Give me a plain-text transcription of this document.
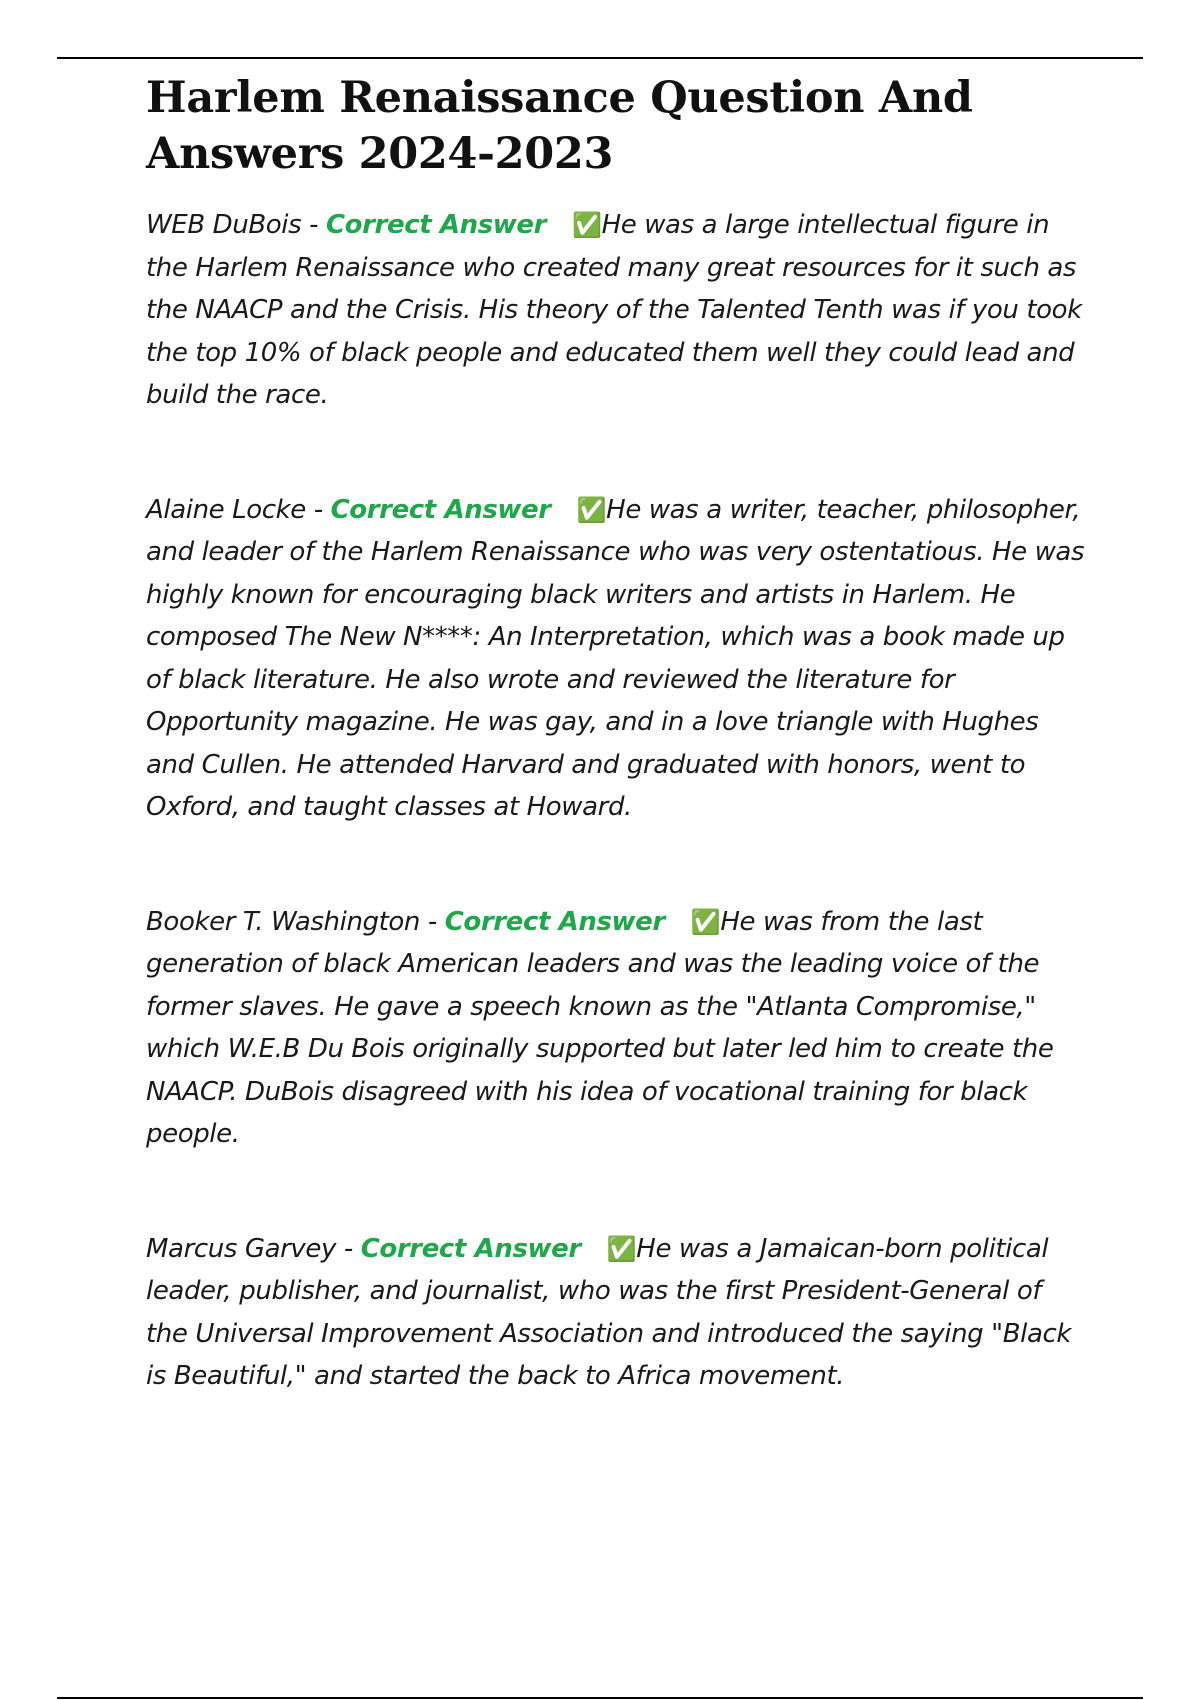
Harlem Renaissance Question And Answers 2024-2023

WEB DuBois - Correct Answer ✅He was a large intellectual figure in the Harlem Renaissance who created many great resources for it such as the NAACP and the Crisis. His theory of the Talented Tenth was if you took the top 10% of black people and educated them well they could lead and build the race.

Alaine Locke - Correct Answer ✅He was a writer, teacher, philosopher, and leader of the Harlem Renaissance who was very ostentatious. He was highly known for encouraging black writers and artists in Harlem. He composed The New N****: An Interpretation, which was a book made up of black literature. He also wrote and reviewed the literature for Opportunity magazine. He was gay, and in a love triangle with Hughes and Cullen. He attended Harvard and graduated with honors, went to Oxford, and taught classes at Howard.

Booker T. Washington - Correct Answer ✅He was from the last generation of black American leaders and was the leading voice of the former slaves. He gave a speech known as the "Atlanta Compromise," which W.E.B Du Bois originally supported but later led him to create the NAACP. DuBois disagreed with his idea of vocational training for black people.

Marcus Garvey - Correct Answer ✅He was a Jamaican-born political leader, publisher, and journalist, who was the first President-General of the Universal Improvement Association and introduced the saying "Black is Beautiful," and started the back to Africa movement.
